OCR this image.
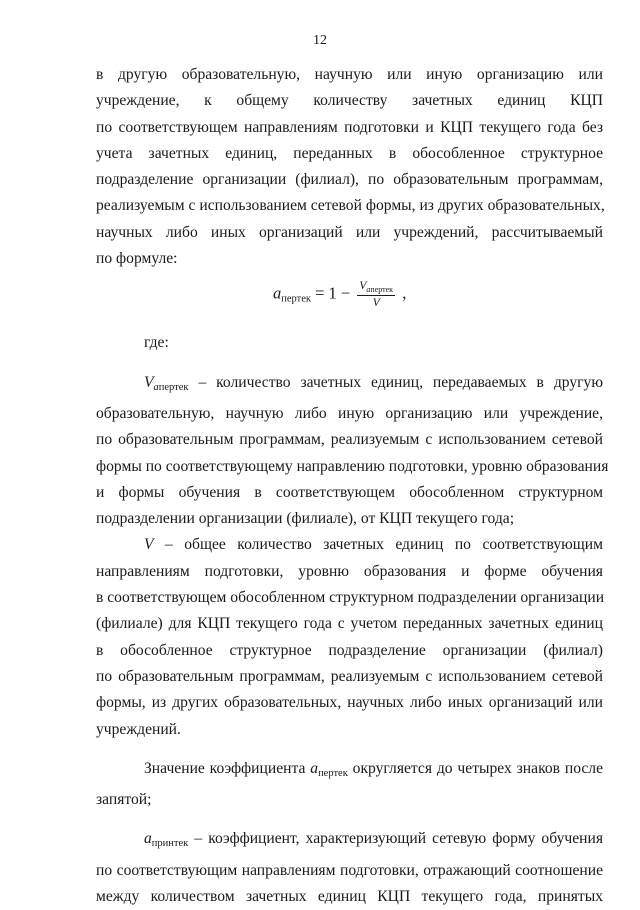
12

в другую образовательную, научную или иную организацию или

учреждение, к общему количеству зачетных единиц КЦП

по соответствующем направлениям подготовки и КЦП текущего года без

учета зачетных единиц, переданных в обособленное структурное

подразделение организации (филиал), по образовательным программам,

реализуемым с использованием сетевой формы, из других образовательных,

научных либо иных организаций или учреждений, рассчитываемый

по формуле:

$a_{пертек} = 1 - \frac{V_{aпертек}}{V}$ ,

где:

$V_{aпертек}$ – количество зачетных единиц, передаваемых в другую

образовательную, научную либо иную организацию или учреждение,

по образовательным программам, реализуемым с использованием сетевой

формы по соответствующему направлению подготовки, уровню образования

и формы обучения в соответствующем обособленном структурном

подразделении организации (филиале), от КЦП текущего года;

V – общее количество зачетных единиц по соответствующим

направлениям подготовки, уровню образования и форме обучения

в соответствующем обособленном структурном подразделении организации

(филиале) для КЦП текущего года с учетом переданных зачетных единиц

в обособленное структурное подразделение организации (филиал)

по образовательным программам, реализуемым с использованием сетевой

формы, из других образовательных, научных либо иных организаций или

учреждений.

Значение коэффициента $a_{пертек}$ округляется до четырех знаков после

запятой;

$a_{принтек}$ – коэффициент, характеризующий сетевую форму обучения

по соответствующим направлениям подготовки, отражающий соотношение

между количеством зачетных единиц КЦП текущего года, принятых
